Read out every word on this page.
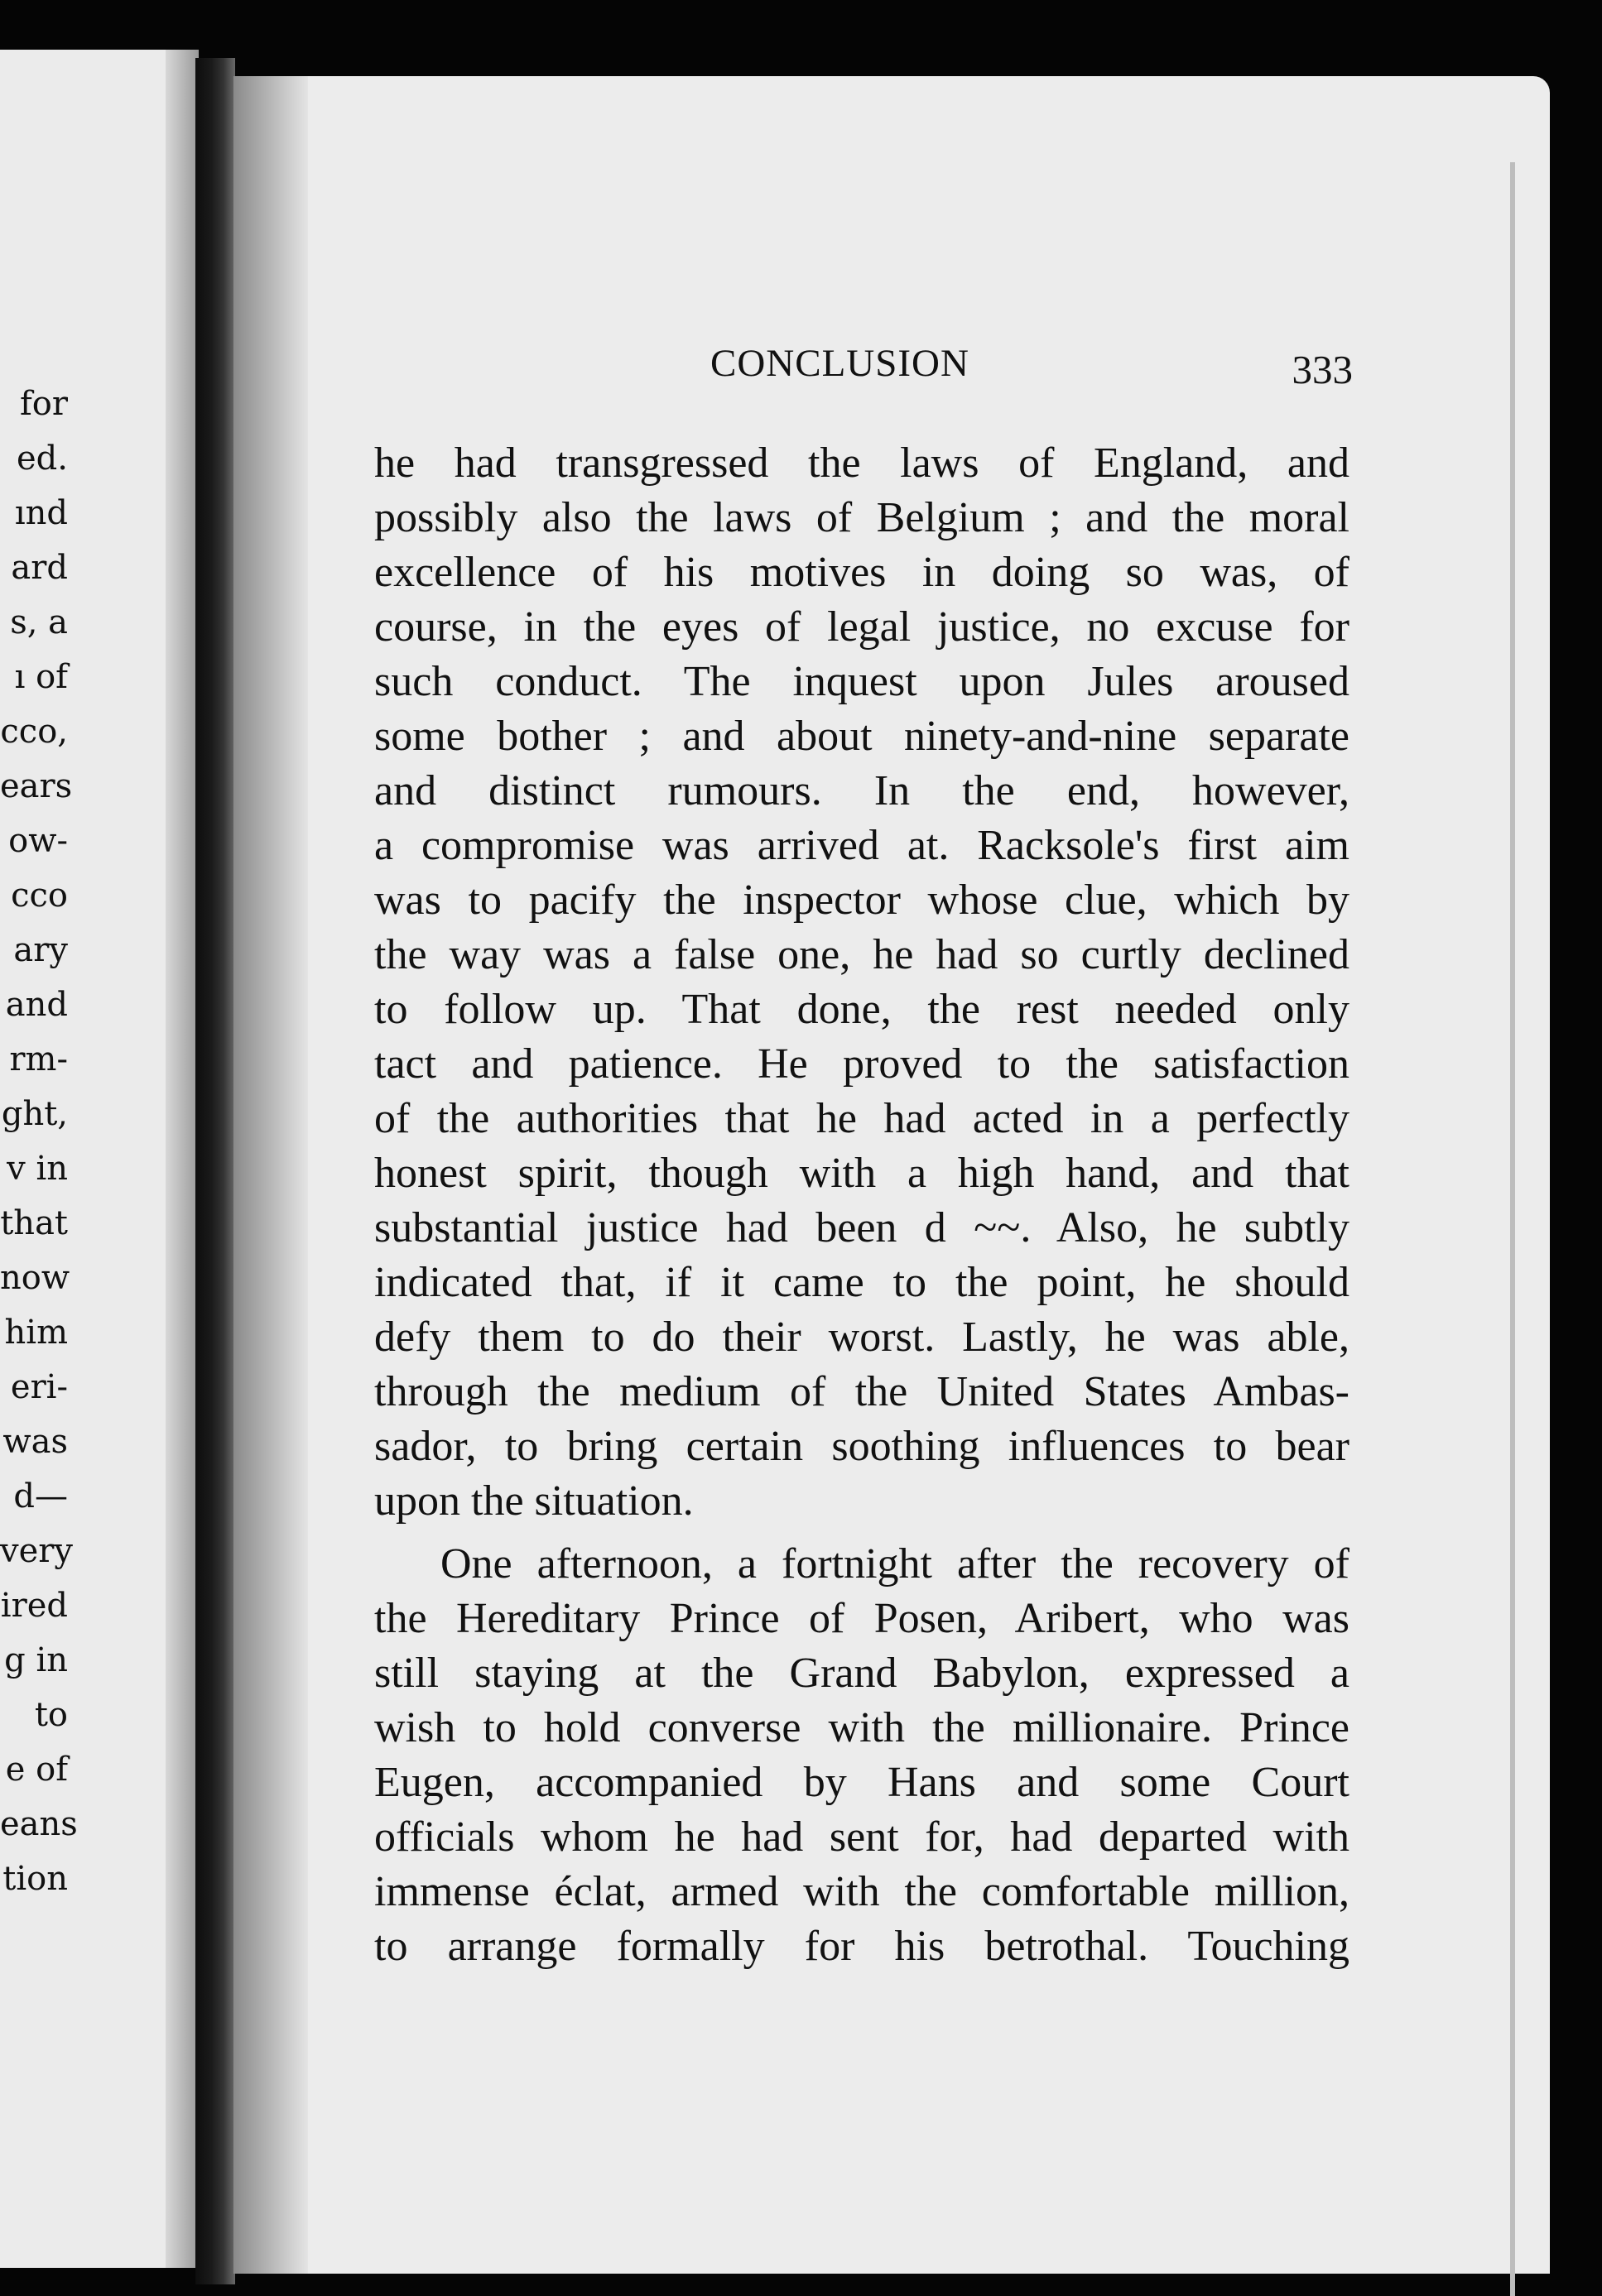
for
ed.
ınd
ard
s, a
ı of
cco,
ears
ow-
cco
ary
and
rm-
ght,
v in
that
now
him
eri-
was
d—
very
ired
g in
to
e of
eans
tion
CONCLUSION	333
he had transgressed the laws of England, and
possibly also the laws of Belgium ; and the moral
excellence of his motives in doing so was, of
course, in the eyes of legal justice, no excuse for
such conduct. The inquest upon Jules aroused
some bother ; and about ninety-and-nine separate
and distinct rumours. In the end, however,
a compromise was arrived at. Racksole's first aim
was to pacify the inspector whose clue, which by
the way was a false one, he had so curtly declined
to follow up. That done, the rest needed only
tact and patience. He proved to the satisfaction
of the authorities that he had acted in a perfectly
honest spirit, though with a high hand, and that
substantial justice had been d ~~. Also, he subtly
indicated that, if it came to the point, he should
defy them to do their worst. Lastly, he was able,
through the medium of the United States Ambas-
sador, to bring certain soothing influences to bear
upon the situation.
One afternoon, a fortnight after the recovery of
the Hereditary Prince of Posen, Aribert, who was
still staying at the Grand Babylon, expressed a
wish to hold converse with the millionaire. Prince
Eugen, accompanied by Hans and some Court
officials whom he had sent for, had departed with
immense éclat, armed with the comfortable million,
to arrange formally for his betrothal. Touching
